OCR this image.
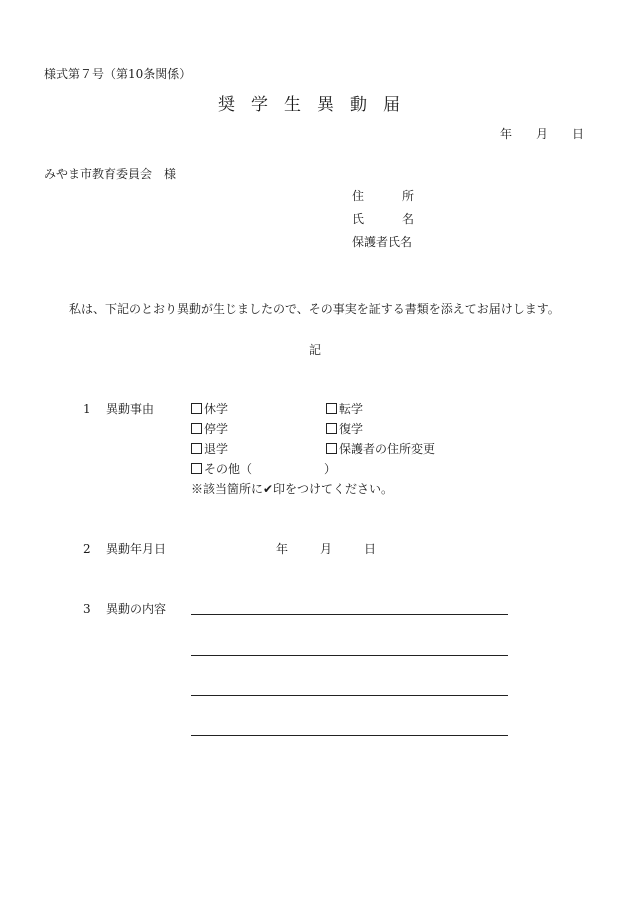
様式第７号（第10条関係）
奨学生異動届
年 月 日
みやま市教育委員会　様
住	所
氏	名
保護者氏名
私は、下記のとおり異動が生じましたので、その事実を証する書類を添えてお届けします。
記
1 異動事由	休学	転学
停学	復学
退学	保護者の住所変更
その他（　　　　　　）
※該当箇所に✔印をつけてください。
2 異動年月日	年	月	日
3 異動の内容
